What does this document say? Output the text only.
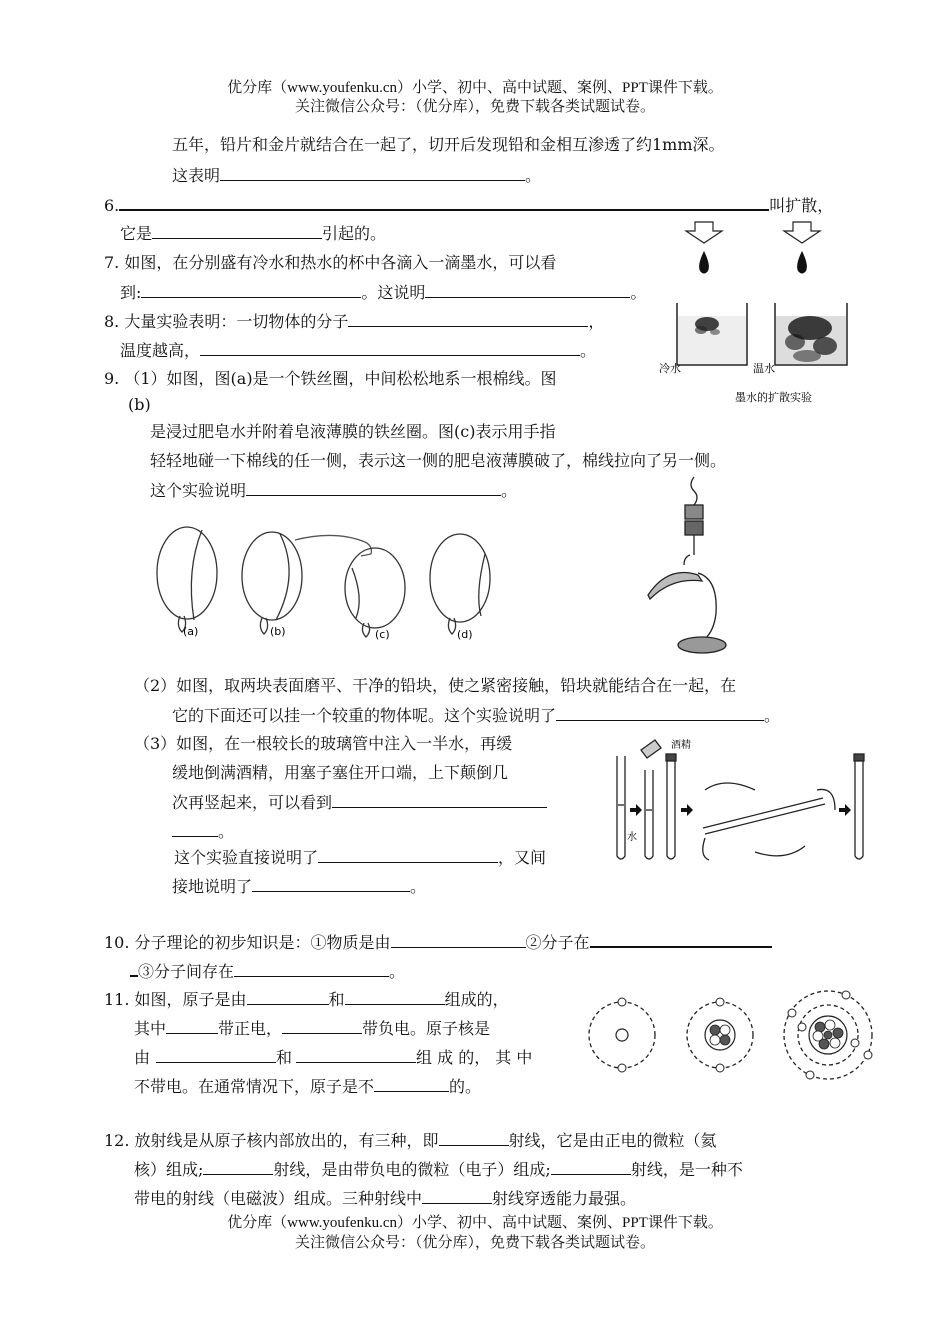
优分库（www.youfenku.cn）小学、初中、高中试题、案例、PPT课件下载。
关注微信公众号：（优分库），免费下载各类试题试卷。
五年，铅片和金片就结合在一起了，切开后发现铅和金相互渗透了约1mm深。
这表明	。
6.	叫扩散，
它是	引起的。
7. 如图，在分别盛有冷水和热水的杯中各滴入一滴墨水，可以看
到:	。这说明	。
8. 大量实验表明：一切物体的分子	，
温度越高，	。
冷水	温水
墨水的扩散实验
9. （1）如图，图(a)是一个铁丝圈，中间松松地系一根棉线。图
(b)
是浸过肥皂水并附着皂液薄膜的铁丝圈。图(c)表示用手指
轻轻地碰一下棉线的任一侧，表示这一侧的肥皂液薄膜破了，棉线拉向了另一侧。
这个实验说明	。
(a)	(b)	(c)	(d)
（2）如图，取两块表面磨平、干净的铅块，使之紧密接触，铅块就能结合在一起，在
它的下面还可以挂一个较重的物体呢。这个实验说明了	。
（3）如图，在一根较长的玻璃管中注入一半水，再缓
缓地倒满酒精，用塞子塞住开口端，上下颠倒几
次再竖起来，可以看到
。
这个实验直接说明了	，又间
接地说明了	。
酒精
水
10. 分子理论的初步知识是：①物质是由	②分子在
③分子间存在	。
11. 如图，原子是由	和	组成的，
其中	带正电，	带负电。原子核是
由	和	组 成 的， 其 中
不带电。在通常情况下，原子是不	的。
12. 放射线是从原子核内部放出的，有三种，即	射线，它是由正电的微粒（氦
核）组成;	射线，是由带负电的微粒（电子）组成;	射线，是一种不
带电的射线（电磁波）组成。三种射线中	射线穿透能力最强。
优分库（www.youfenku.cn）小学、初中、高中试题、案例、PPT课件下载。
关注微信公众号：（优分库），免费下载各类试题试卷。
